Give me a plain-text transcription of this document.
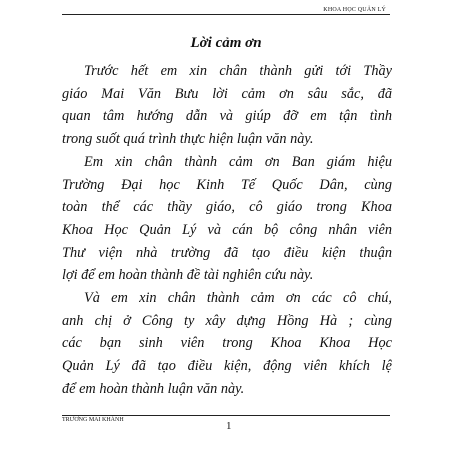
KHOA HỌC QUẢN LÝ
Lời cảm ơn
Trước hết em xin chân thành gửi tới Thầy
giáo Mai Văn Bưu lời cảm ơn sâu sắc, đã
quan tâm hướng dẫn và giúp đỡ em tận tình
trong suốt quá trình thực hiện luận văn này.
Em xin chân thành cảm ơn Ban giám hiệu
Trường Đại học Kinh Tế Quốc Dân, cùng
toàn thể các thầy giáo, cô giáo trong Khoa
Khoa Học Quản Lý và cán bộ công nhân viên
Thư viện nhà trường đã tạo điều kiện thuận
lợi để em hoàn thành đề tài nghiên cứu này.
Và em xin chân thành cảm ơn các cô chú,
anh chị ở Công ty xây dựng Hồng Hà ; cùng
các bạn sinh viên trong Khoa Khoa Học
Quản Lý đã tạo điều kiện, động viên khích lệ
để em hoàn thành luận văn này.
TRƯƠNG MAI KHÁNH	1
